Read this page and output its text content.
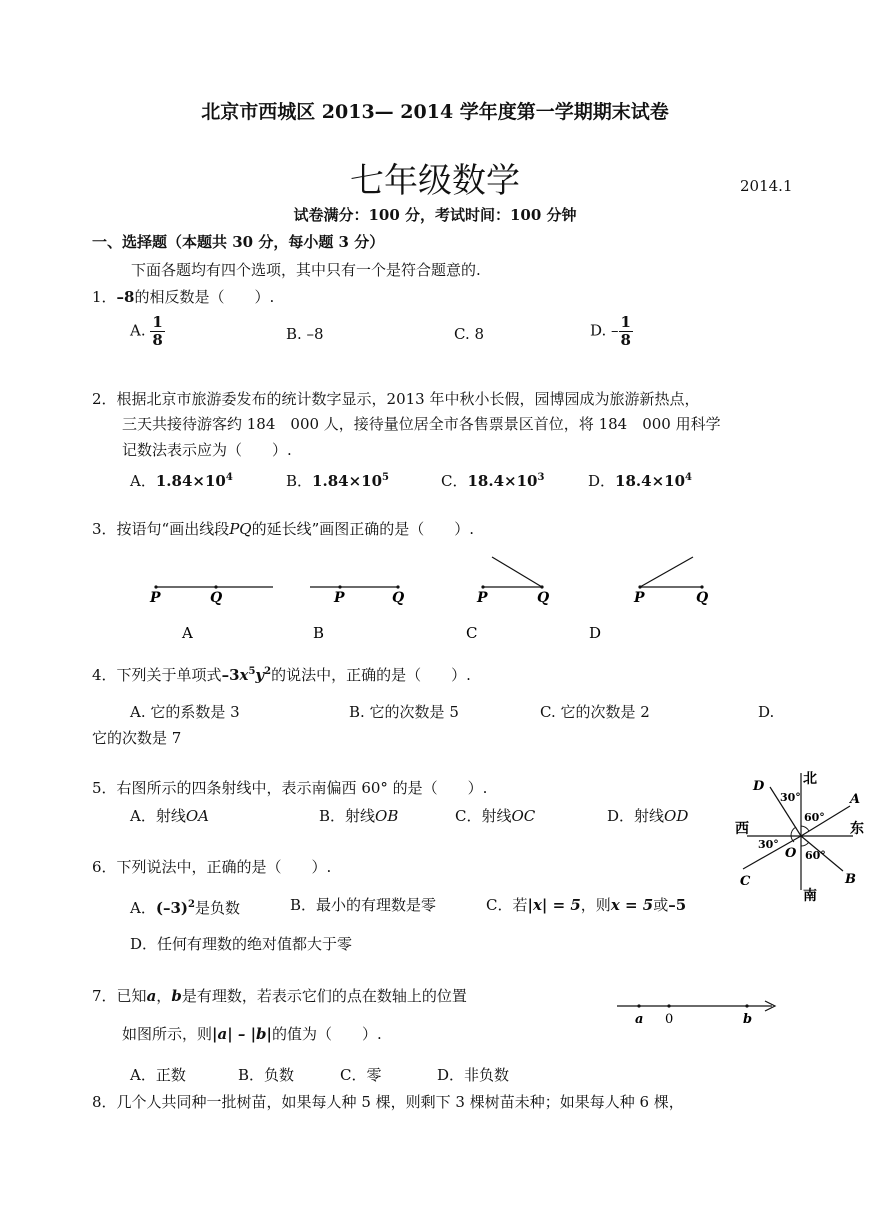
北京市西城区 2013— 2014 学年度第一学期期末试卷
七年级数学	2014.1
试卷满分：100 分，考试时间：100 分钟
一、选择题（本题共 30 分，每小题 3 分）
下面各题均有四个选项，其中只有一个是符合题意的.
1．–8的相反数是（　　）.
A. $\frac{1}{8}$	B. –8	C. 8	D. – $\frac{1}{8}$
2．根据北京市旅游委发布的统计数字显示，2013 年中秋小长假，园博园成为旅游新热点，
三天共接待游客约 184　000 人，接待量位居全市各售票景区首位，将 184　000 用科学
记数法表示应为（　　）.
A．$1.84\times 10^4$	B．$1.84\times 10^5$	C．$18.4\times 10^3$	D．$18.4\times 10^4$
3．按语句“画出线段PQ的延长线”画图正确的是（　　）.
P	Q
A
P	Q
B
P	Q
C
P	Q
D
4．下列关于单项式$-3x^5y^2$的说法中，正确的是（　　）.
A. 它的系数是 3	B. 它的次数是 5	C. 它的次数是 2	D.
它的次数是 7
5．右图所示的四条射线中，表示南偏西 60° 的是（　　）.
A．射线OA	B．射线OB	C．射线OC	D．射线OD
北
南
东
西
A
B
C
D
O
30°
60°
30°
60°
6．下列说法中，正确的是（　　）.
A．$(-3)^2$是负数	B．最小的有理数是零	C．若|x| = 5，则x = 5或–5
D．任何有理数的绝对值都大于零
7．已知a，b是有理数，若表示它们的点在数轴上的位置
如图所示，则|a| – |b|的值为（　　）.
A．正数	B．负数	C．零	D．非负数
a 0	b
8．几个人共同种一批树苗，如果每人种 5 棵，则剩下 3 棵树苗未种；如果每人种 6 棵，
